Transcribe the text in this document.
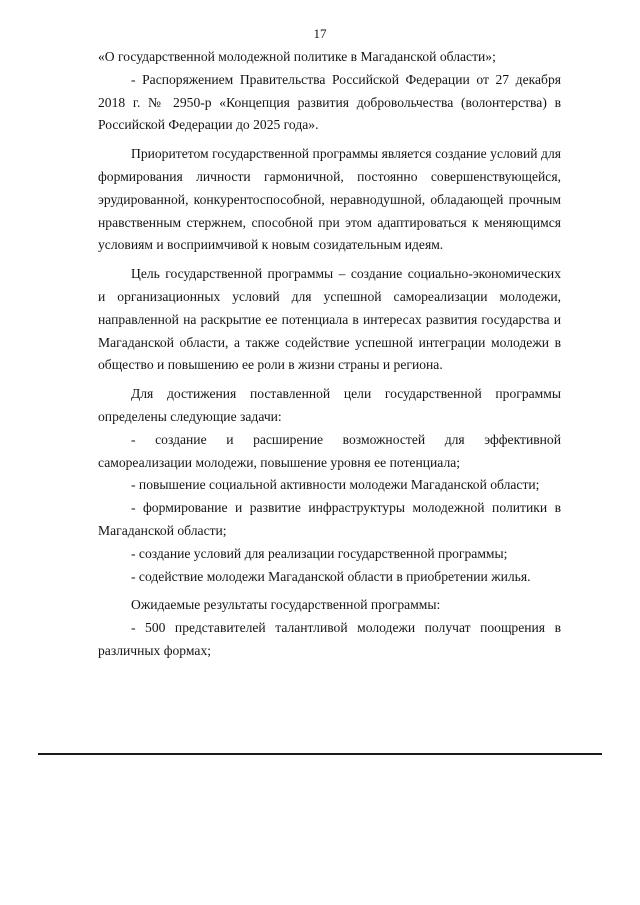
17

«О государственной молодежной политике в Магаданской области»;

- Распоряжением Правительства Российской Федерации от 27 декабря 2018 г. № 2950-р «Концепция развития добровольчества (волонтерства) в Российской Федерации до 2025 года».

Приоритетом государственной программы является создание условий для формирования личности гармоничной, постоянно совершенствующейся, эрудированной, конкурентоспособной, неравнодушной, обладающей прочным нравственным стержнем, способной при этом адаптироваться к меняющимся условиям и восприимчивой к новым созидательным идеям.

Цель государственной программы – создание социально-экономических и организационных условий для успешной самореализации молодежи, направленной на раскрытие ее потенциала в интересах развития государства и Магаданской области, а также содействие успешной интеграции молодежи в общество и повышению ее роли в жизни страны и региона.

Для достижения поставленной цели государственной программы определены следующие задачи:

- создание и расширение возможностей для эффективной самореализации молодежи, повышение уровня ее потенциала;

- повышение социальной активности молодежи Магаданской области;

- формирование и развитие инфраструктуры молодежной политики в Магаданской области;

- создание условий для реализации государственной программы;

- содействие молодежи Магаданской области в приобретении жилья.

Ожидаемые результаты государственной программы:

- 500 представителей талантливой молодежи получат поощрения в различных формах;
